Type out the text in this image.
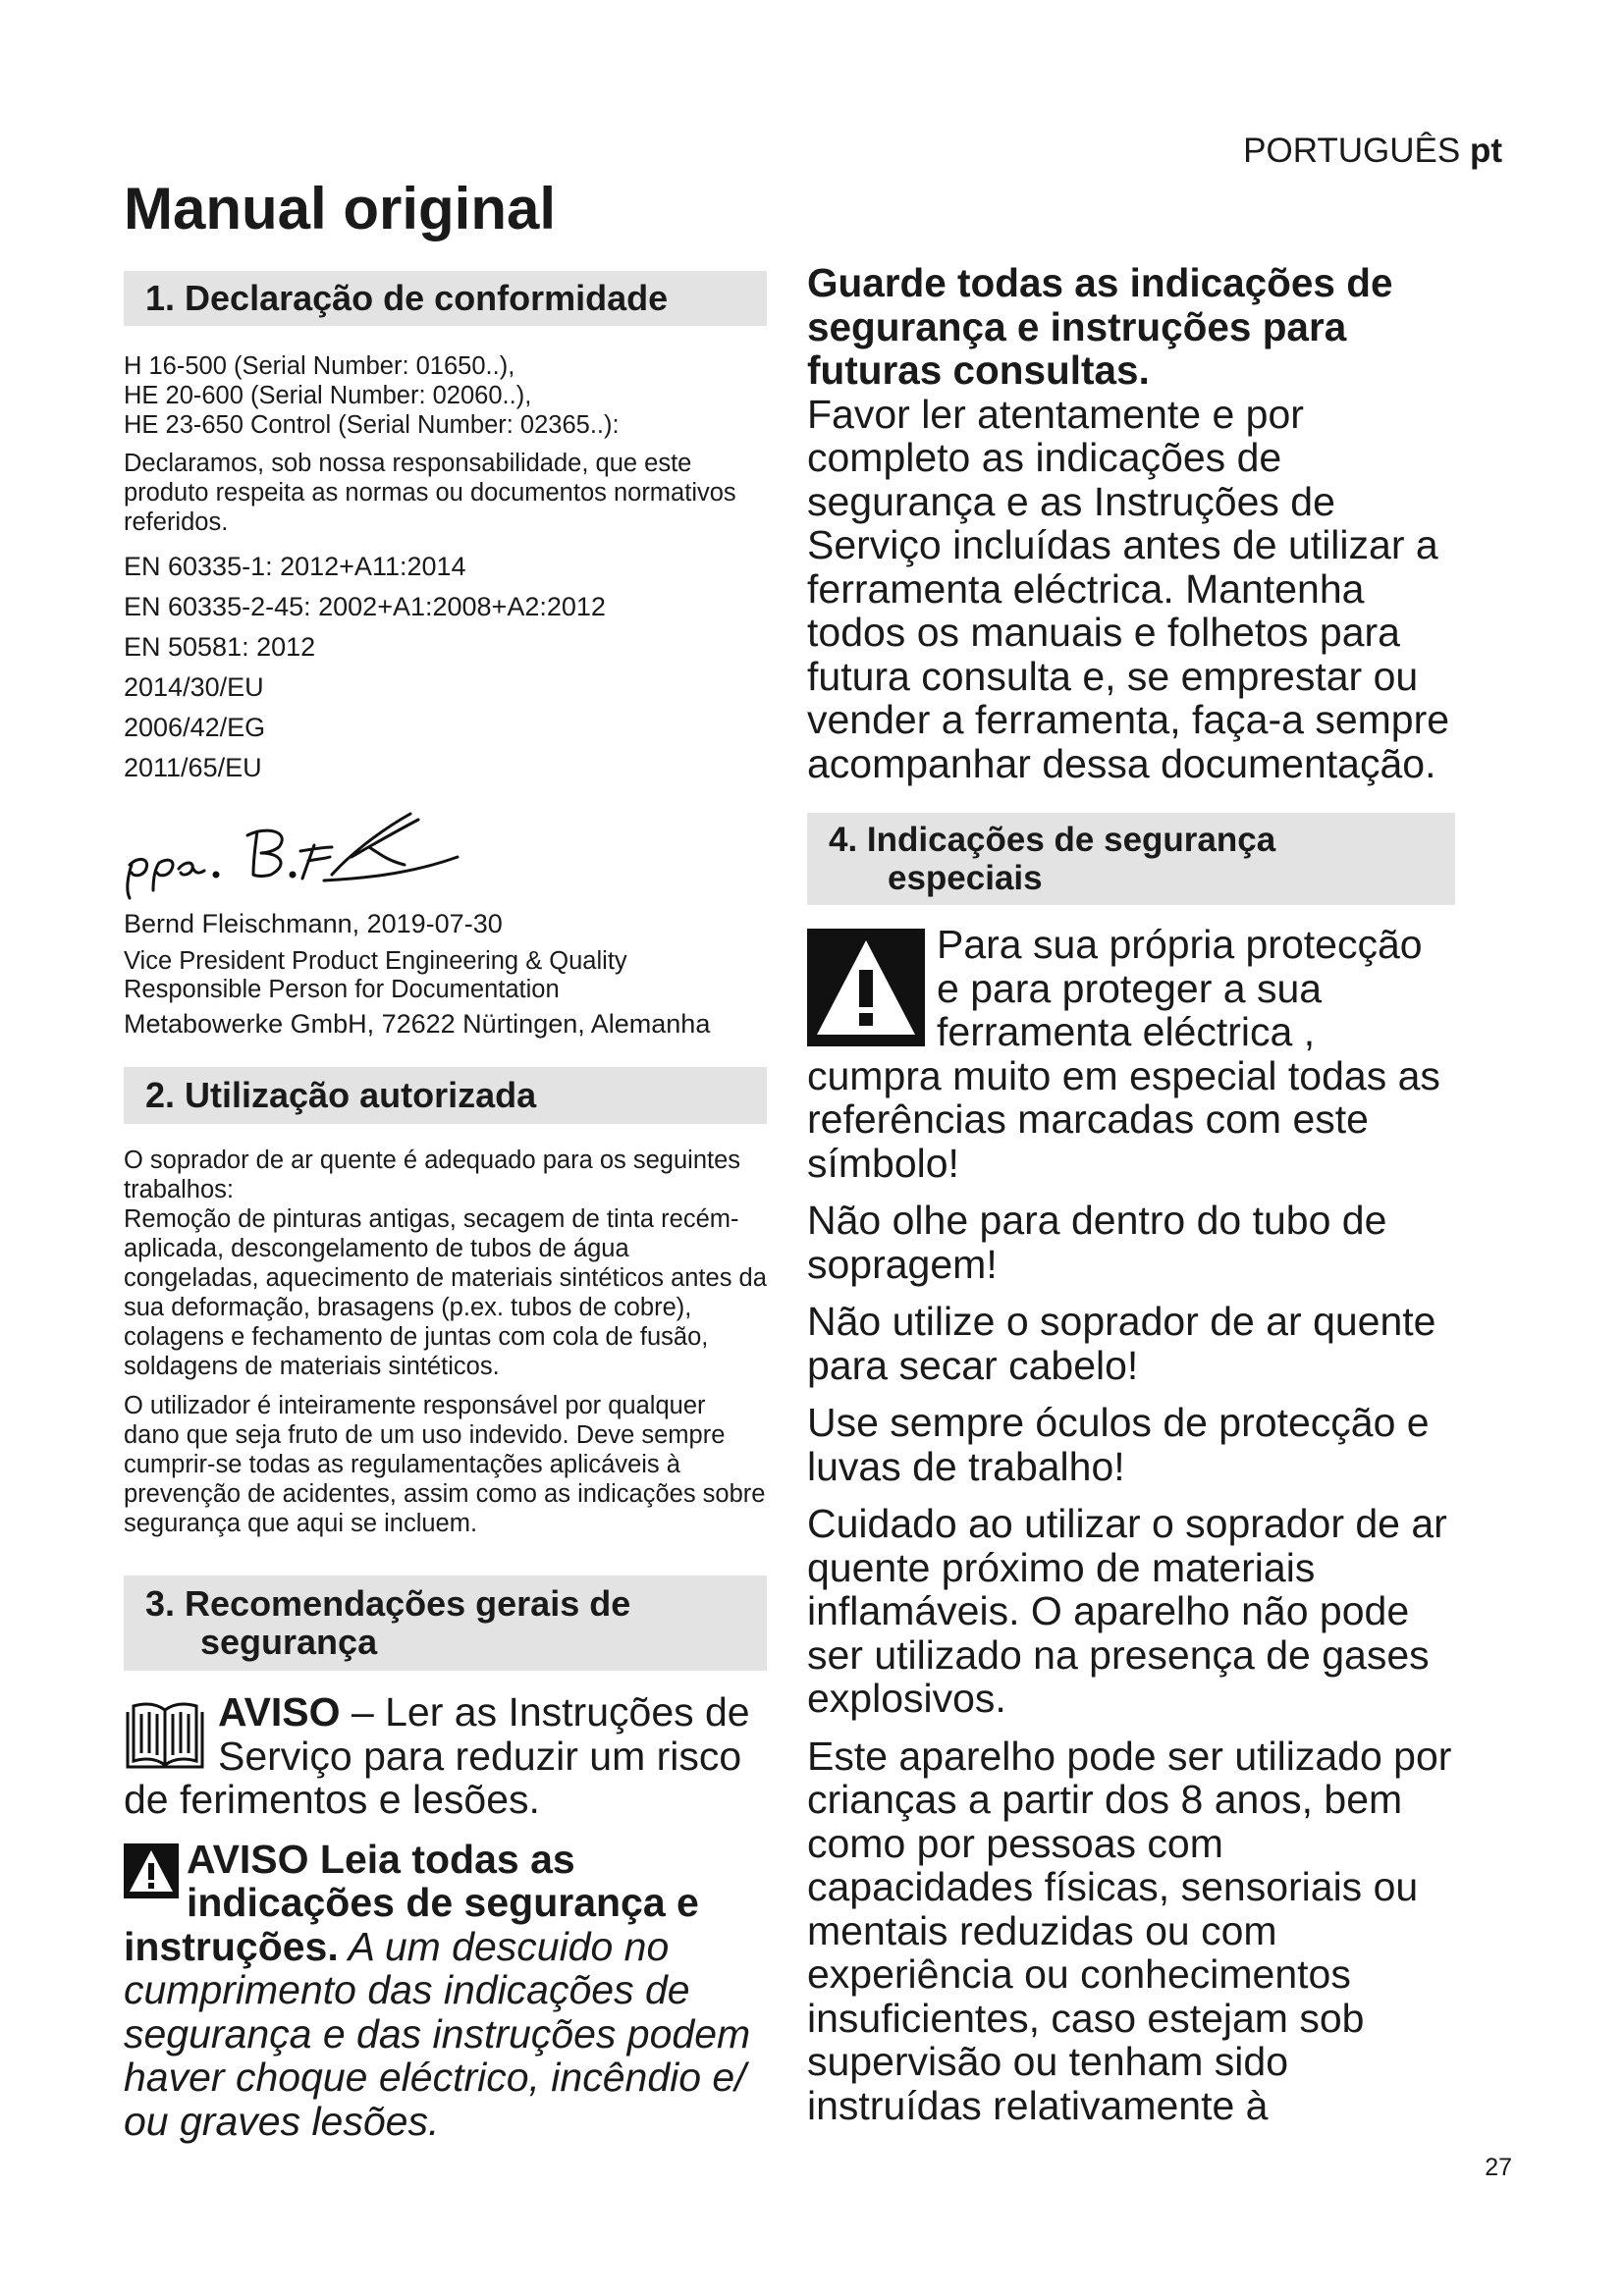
PORTUGUÊS pt
Manual original
1. Declaração de conformidade
H 16-500 (Serial Number: 01650..),
HE 20-600 (Serial Number: 02060..),
HE 23-650 Control (Serial Number: 02365..):

Declaramos, sob nossa responsabilidade, que este produto respeita as normas ou documentos normativos referidos.

EN 60335-1: 2012+A11:2014
EN 60335-2-45: 2002+A1:2008+A2:2012
EN 50581: 2012
2014/30/EU
2006/42/EG
2011/65/EU

Bernd Fleischmann, 2019-07-30

Vice President Product Engineering & Quality

Responsible Person for Documentation

Metabowerke GmbH, 72622 Nürtingen, Alemanha

2. Utilização autorizada

O soprador de ar quente é adequado para os seguintes trabalhos:

Remoção de pinturas antigas, secagem de tinta recém-aplicada, descongelamento de tubos de água congeladas, aquecimento de materiais sintéticos antes da sua deformação, brasagens (p.ex. tubos de cobre), colagens e fechamento de juntas com cola de fusão, soldagens de materiais sintéticos.

O utilizador é inteiramente responsável por qualquer dano que seja fruto de um uso indevido. Deve sempre cumprir-se todas as regulamentações aplicáveis à prevenção de acidentes, assim como as indicações sobre segurança que aqui se incluem.

3. Recomendações gerais de
segurança
AVISO – Ler as Instruções de Serviço para reduzir um risco de ferimentos e lesões.
AVISO Leia todas as indicações de segurança e instruções. A um descuido no cumprimento das indicações de segurança e das instruções podem haver choque eléctrico, incêndio e/ ou graves lesões.

Guarde todas as indicações de segurança e instruções para futuras consultas.

Favor ler atentamente e por completo as indicações de segurança e as Instruções de Serviço incluídas antes de utilizar a ferramenta eléctrica. Mantenha todos os manuais e folhetos para futura consulta e, se emprestar ou vender a ferramenta, faça-a sempre acompanhar dessa documentação.

4. Indicações de segurança
especiais
Para sua própria protecção e para proteger a sua ferramenta eléctrica , cumpra muito em especial todas as referências marcadas com este símbolo!

Não olhe para dentro do tubo de sopragem!

Não utilize o soprador de ar quente para secar cabelo!

Use sempre óculos de protecção e luvas de trabalho!

Cuidado ao utilizar o soprador de ar quente próximo de materiais inflamáveis. O aparelho não pode ser utilizado na presença de gases explosivos.

Este aparelho pode ser utilizado por crianças a partir dos 8 anos, bem como por pessoas com capacidades físicas, sensoriais ou mentais reduzidas ou com experiência ou conhecimentos insuficientes, caso estejam sob supervisão ou tenham sido instruídas relativamente à

27
